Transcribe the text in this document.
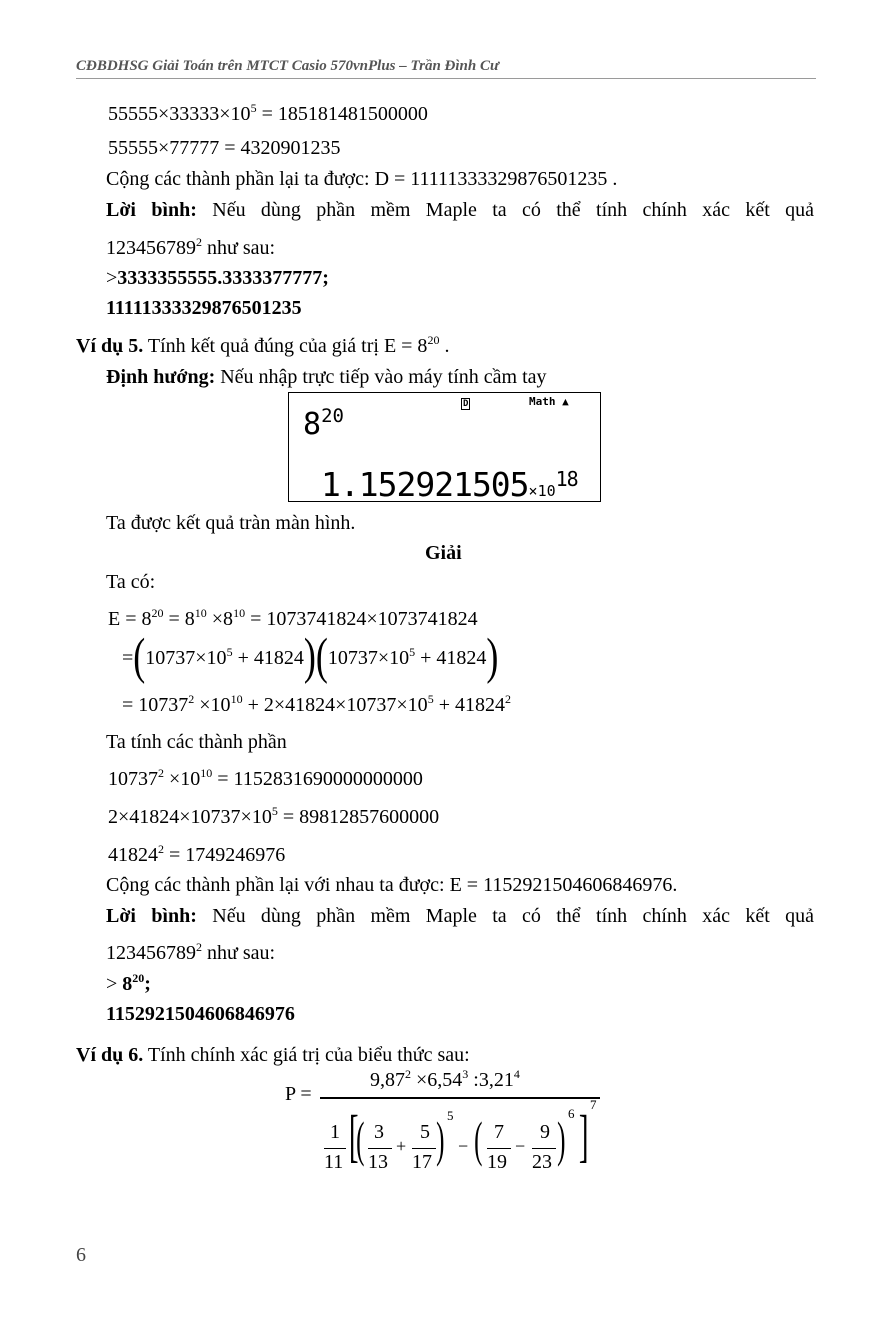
CĐBDHSG Giải Toán trên MTCT Casio 570vnPlus – Trần Đình Cư
$55555\times 33333\times 10^5 = 185181481500000$
55555×77777 = 4320901235
Cộng các thành phần lại ta được: D = 1111133332987650123​5 .
Lời bình: Nếu dùng phần mềm Maple ta có thể tính chính xác kết quả
123456789$^2$ như sau:
>3333355555.3333377777;
11111333329876501235
Ví dụ 5. Tính kết quả đúng của giá trị $E = 8^{20}$ .
Định hướng: Nếu nhập trực tiếp vào máy tính cầm tay
$8^{20}$
D	Math ▲
$1.152921505\times 10^{18}$
Ta được kết quả tràn màn hình.
Giải
Ta có:
$E = 8^{20} = 8^{10} \times 8^{10} = 1073741824\times 1073741824$
$=(10737\times 10^5 + 41824)(10737\times 10^5 + 41824)$
= $10737^2 \times 10^{10} + 2\times 41824\times 10737\times 10^5 + 41824^2$
Ta tính các thành phần
$10737^2 \times 10^{10}$ = 115283169000000000​0
$2\times 41824\times 10737\times 10^5 = 89812857600000$
$41824^2 = 1749246976$
Cộng các thành phần lại với nhau ta được: E = 1152921504606846976.
Lời bình: Nếu dùng phần mềm Maple ta có thể tính chính xác kết quả
123456789$^2$ như sau:
> $8^{20}$;
1152921504606846976
Ví dụ 6. Tính chính xác giá trị của biểu thức sau:
P =
$9,87^2 \times 6,54^3$ :3,21$^4$
1
11 [
( 3
13
+
5
17 ) 5
− ( 7
19
−
9
23 ) 6 ] 7
6
